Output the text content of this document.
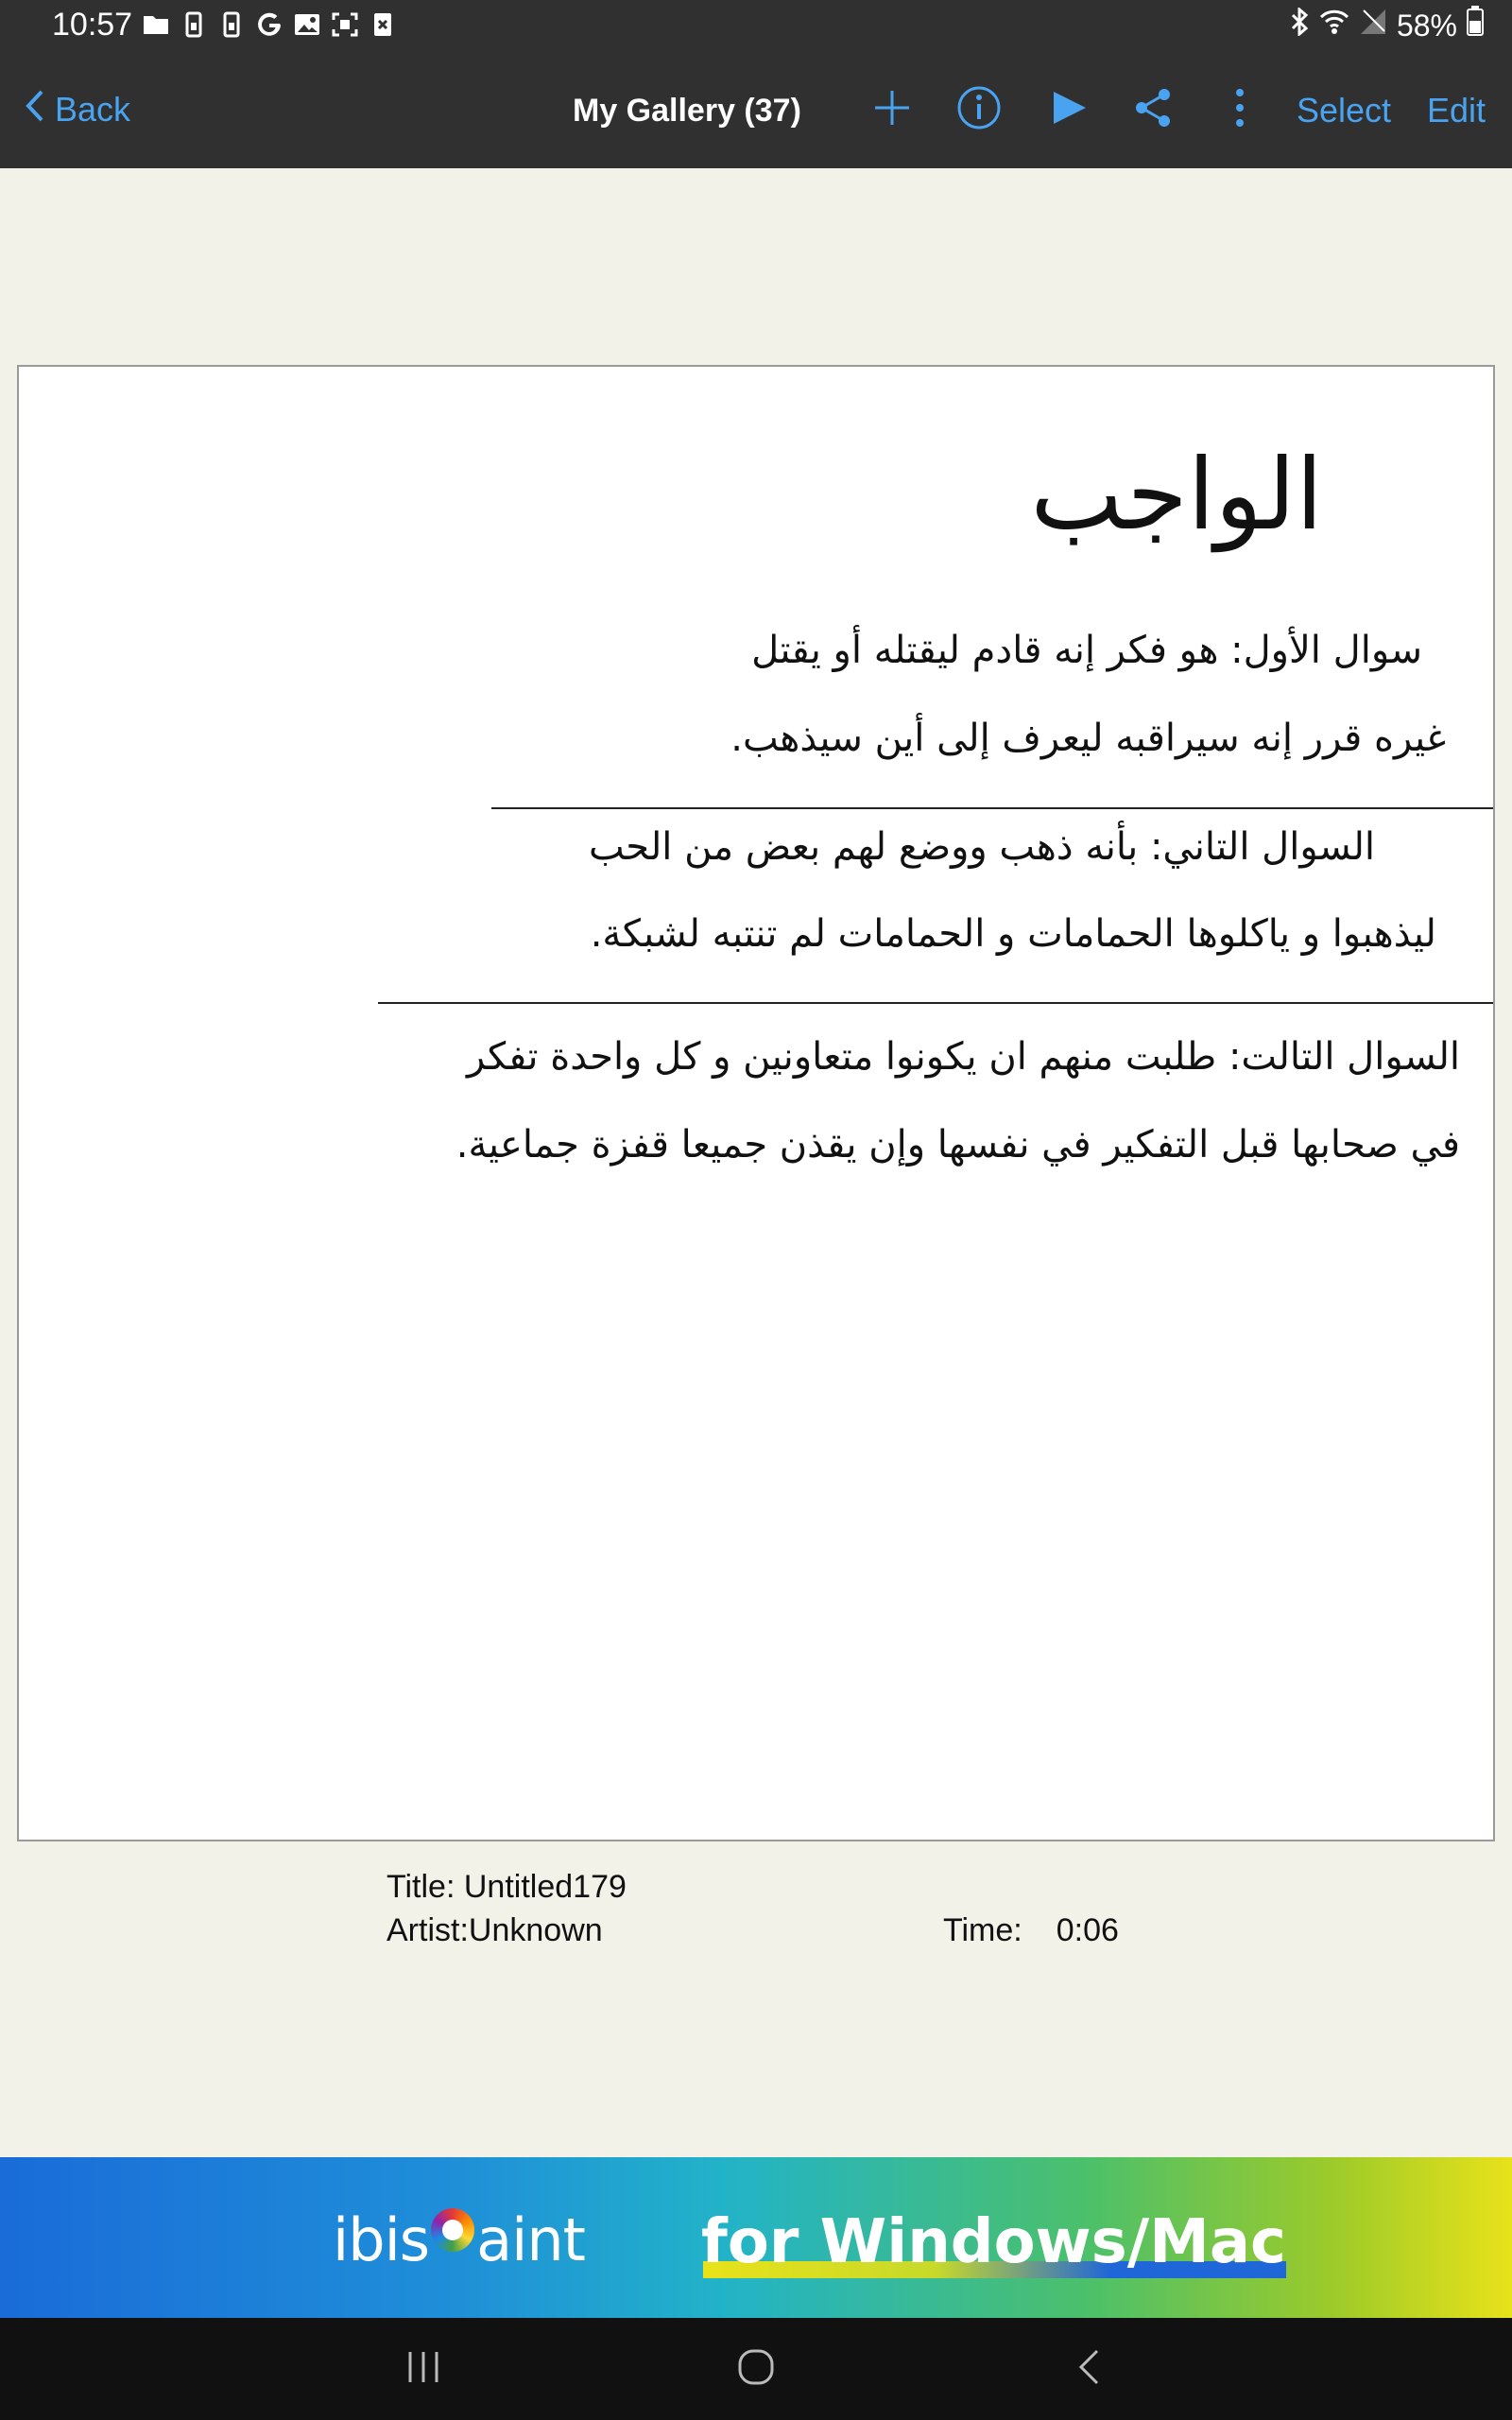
10:57	58%
Back	My Gallery (37)	Select Edit
الواجب
سوال الأول: هو فكر إنه قادم ليقتله أو يقتل
غيره قرر إنه سيراقبه ليعرف إلى أين سيذهب.
السوال التاني: بأنه ذهب ووضع لهم بعض من الحب
ليذهبوا و ياكلوها الحمامات و الحمامات لم تنتبه لشبكة.
السوال التالت: طلبت منهم ان يكونوا متعاونين و كل واحدة تفكر
في صحابها قبل التفكير في نفسها وإن يقذن جميعا قفزة جماعية.
Title: Untitled179
Artist:Unknown	Time: 0:06
ibis aint for Windows/Mac
